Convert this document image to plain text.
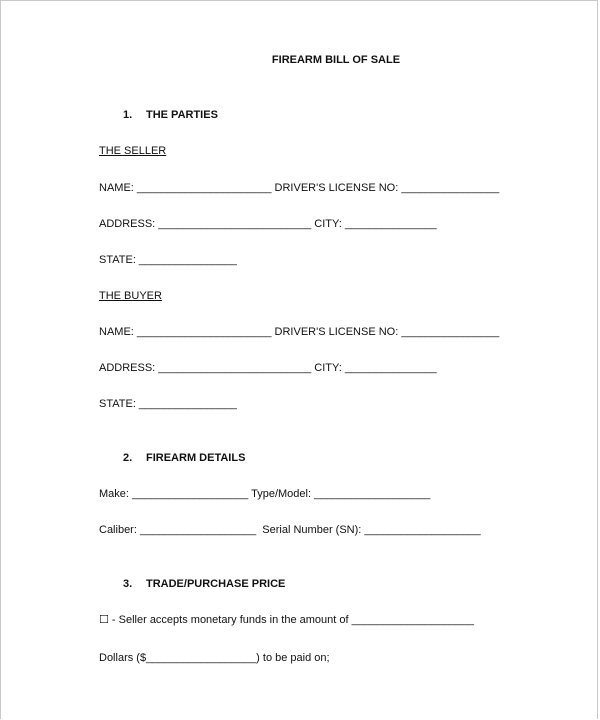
FIREARM BILL OF SALE
1. THE PARTIES
THE SELLER
NAME: ______________________ DRIVER'S LICENSE NO: ________________
ADDRESS: _________________________ CITY: _______________
STATE: ________________
THE BUYER
NAME: ______________________ DRIVER'S LICENSE NO: ________________
ADDRESS: _________________________ CITY: _______________
STATE: ________________
2. FIREARM DETAILS
Make: ___________________ Type/Model: ___________________
Caliber: ___________________  Serial Number (SN): ___________________
3. TRADE/PURCHASE PRICE
☐ - Seller accepts monetary funds in the amount of ____________________
Dollars ($__________________) to be paid on;
